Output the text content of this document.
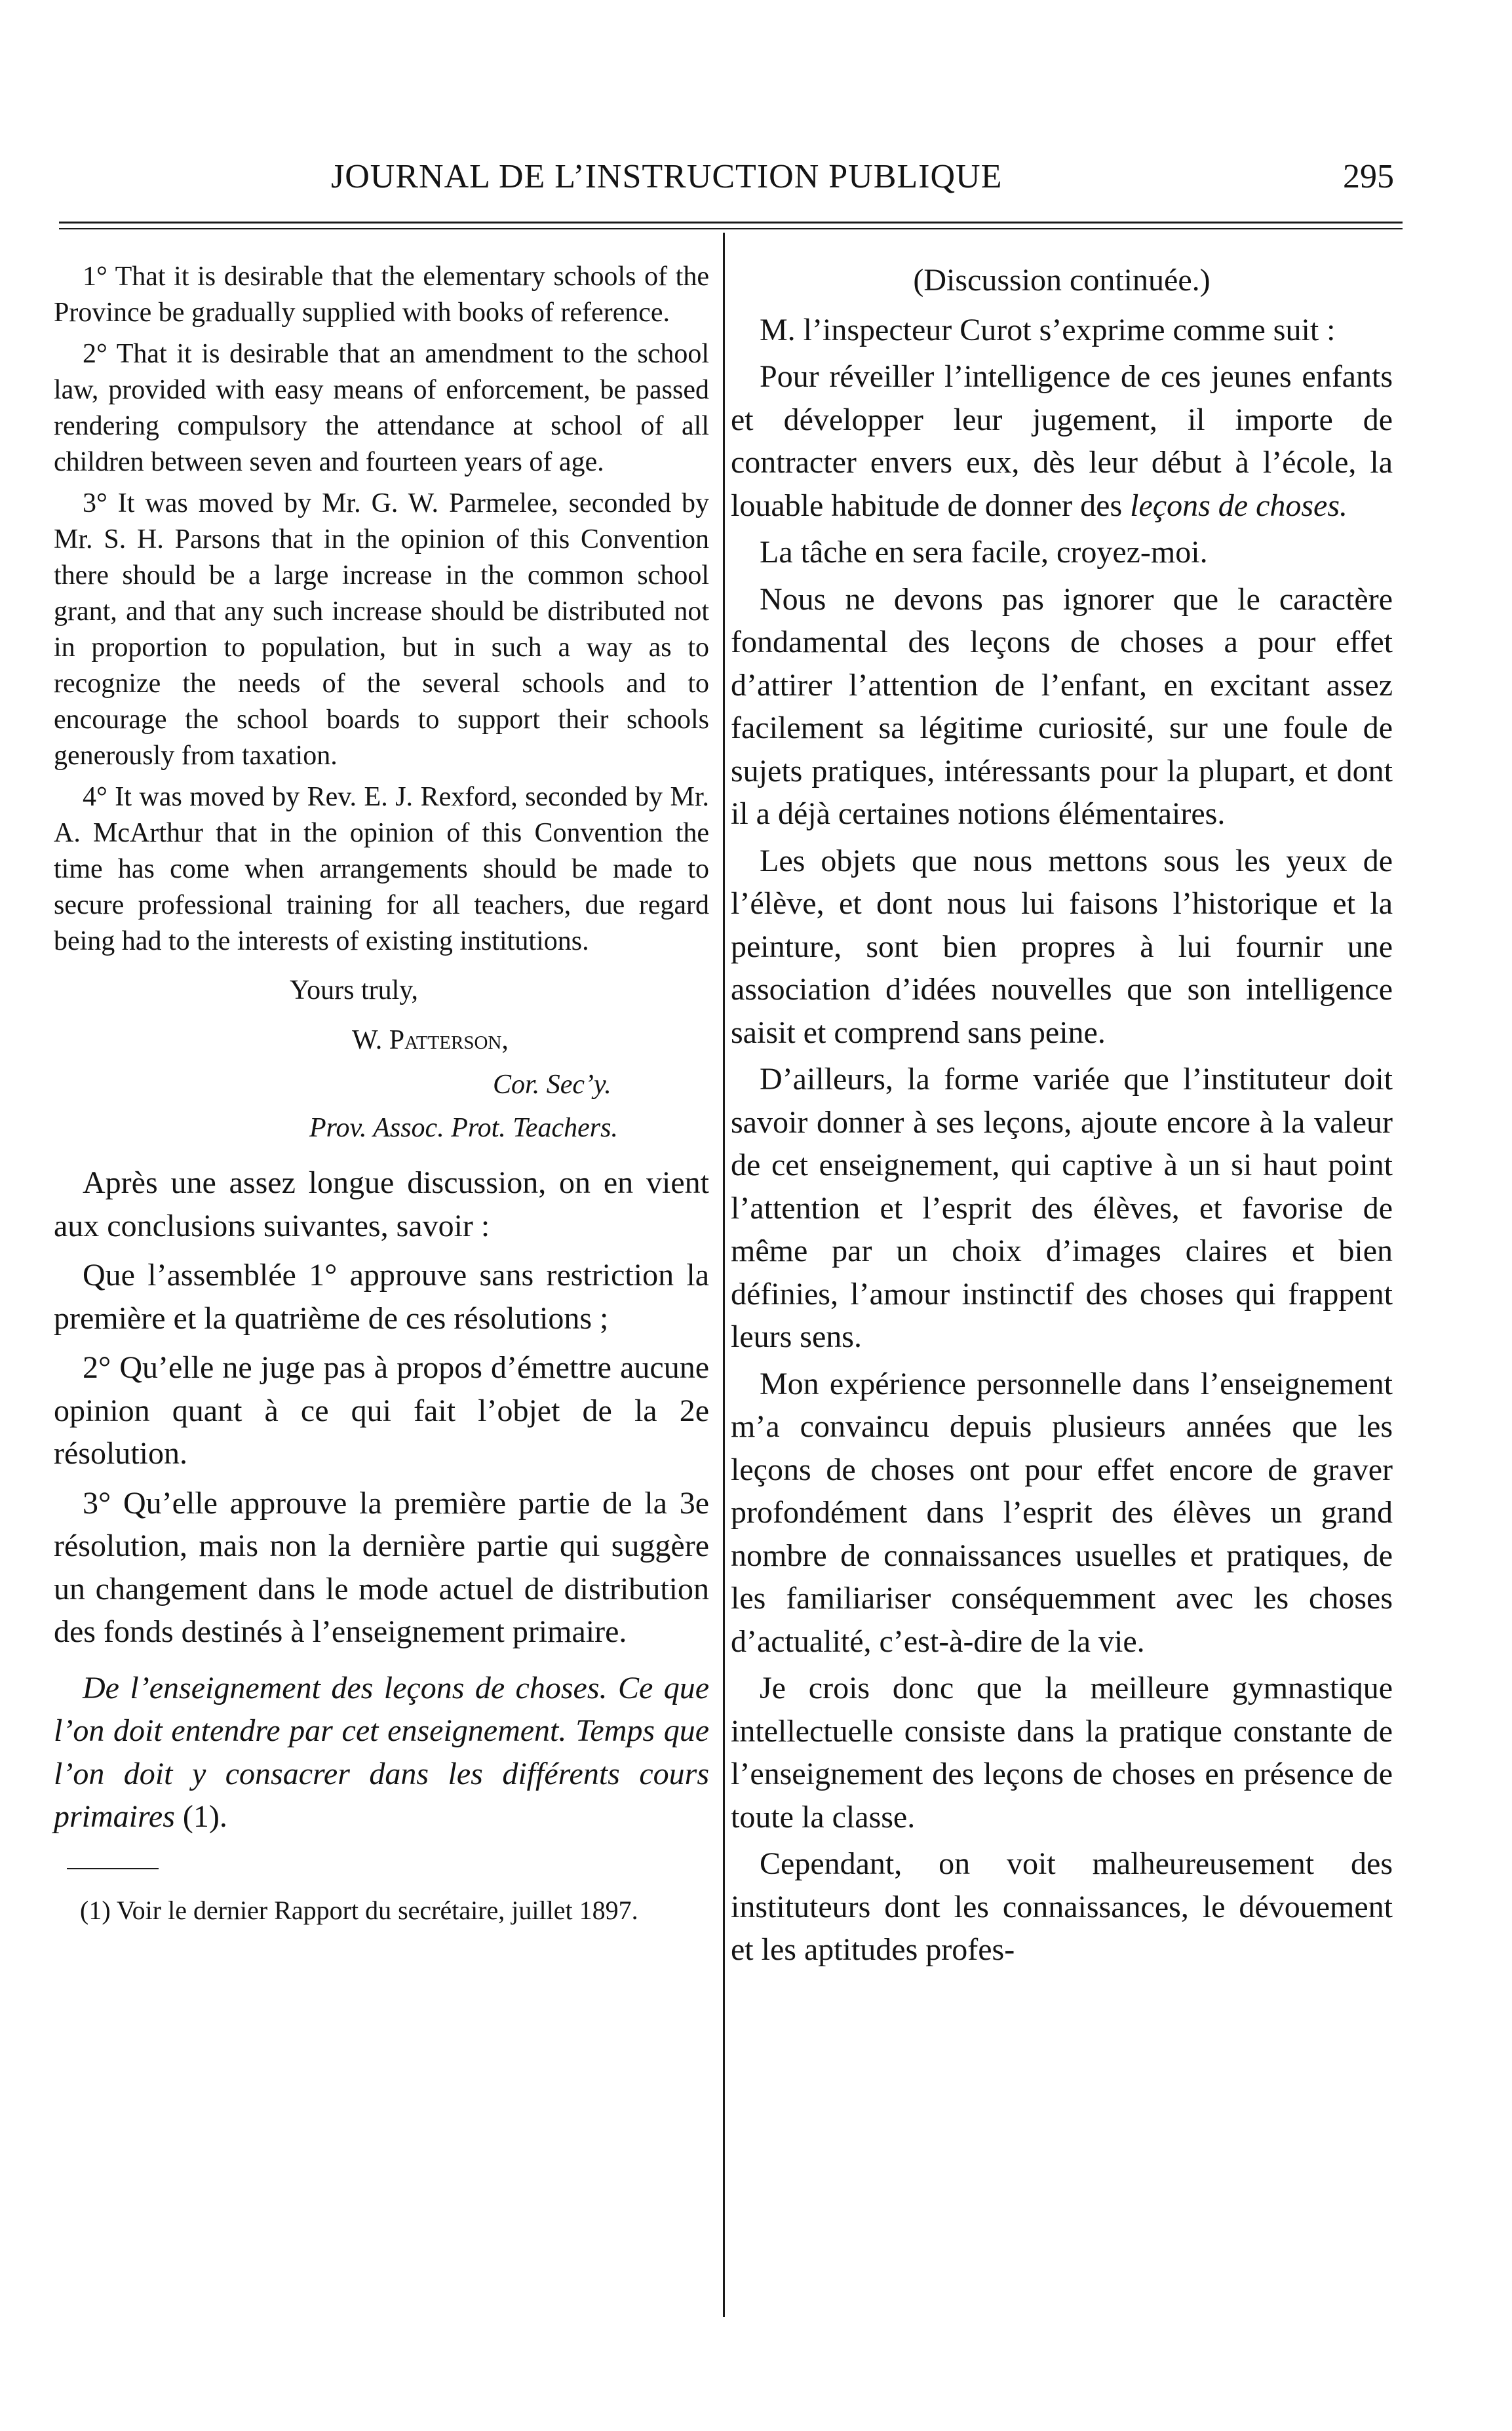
JOURNAL DE L’INSTRUCTION PUBLIQUE	295

1° That it is desirable that the elementary schools of the Province be gradually supplied with books of reference.

2° That it is desirable that an amendment to the school law, provided with easy means of enforcement, be passed rendering compulsory the attendance at school of all children between seven and fourteen years of age.

3° It was moved by Mr. G. W. Parmelee, seconded by Mr. S. H. Parsons that in the opinion of this Convention there should be a large increase in the common school grant, and that any such increase should be distributed not in proportion to population, but in such a way as to recognize the needs of the several schools and to encourage the school boards to support their schools generously from taxation.

4° It was moved by Rev. E. J. Rexford, seconded by Mr. A. McArthur that in the opinion of this Convention the time has come when arrangements should be made to secure professional training for all teachers, due regard being had to the interests of existing institutions.

Yours truly,
W. Patterson,
Cor. Sec’y.
Prov. Assoc. Prot. Teachers.

Après une assez longue discussion, on en vient aux conclusions suivantes, savoir :

Que l’assemblée 1° approuve sans restriction la première et la quatrième de ces résolutions ;

2° Qu’elle ne juge pas à propos d’émettre aucune opinion quant à ce qui fait l’objet de la 2e résolution.

3° Qu’elle approuve la première partie de la 3e résolution, mais non la dernière partie qui suggère un changement dans le mode actuel de distribution des fonds destinés à l’enseignement primaire.

De l’enseignement des leçons de choses. Ce que l’on doit entendre par cet enseignement. Temps que l’on doit y consacrer dans les différents cours primaires (1).

(1) Voir le dernier Rapport du secrétaire, juillet 1897.

(Discussion continuée.)

M. l’inspecteur Curot s’exprime comme suit :

Pour réveiller l’intelligence de ces jeunes enfants et développer leur jugement, il importe de contracter envers eux, dès leur début à l’école, la louable habitude de donner des leçons de choses.

La tâche en sera facile, croyez-moi.

Nous ne devons pas ignorer que le caractère fondamental des leçons de choses a pour effet d’attirer l’attention de l’enfant, en excitant assez facilement sa légitime curiosité, sur une foule de sujets pratiques, intéressants pour la plupart, et dont il a déjà certaines notions élémentaires.

Les objets que nous mettons sous les yeux de l’élève, et dont nous lui faisons l’historique et la peinture, sont bien propres à lui fournir une association d’idées nouvelles que son intelligence saisit et comprend sans peine.

D’ailleurs, la forme variée que l’instituteur doit savoir donner à ses leçons, ajoute encore à la valeur de cet enseignement, qui captive à un si haut point l’attention et l’esprit des élèves, et favorise de même par un choix d’images claires et bien définies, l’amour instinctif des choses qui frappent leurs sens.

Mon expérience personnelle dans l’enseignement m’a convaincu depuis plusieurs années que les leçons de choses ont pour effet encore de graver profondément dans l’esprit des élèves un grand nombre de connaissances usuelles et pratiques, de les familiariser conséquemment avec les choses d’actualité, c’est-à-dire de la vie.

Je crois donc que la meilleure gymnastique intellectuelle consiste dans la pratique constante de l’enseignement des leçons de choses en présence de toute la classe.

Cependant, on voit malheureusement des instituteurs dont les connaissances, le dévouement et les aptitudes profes-
